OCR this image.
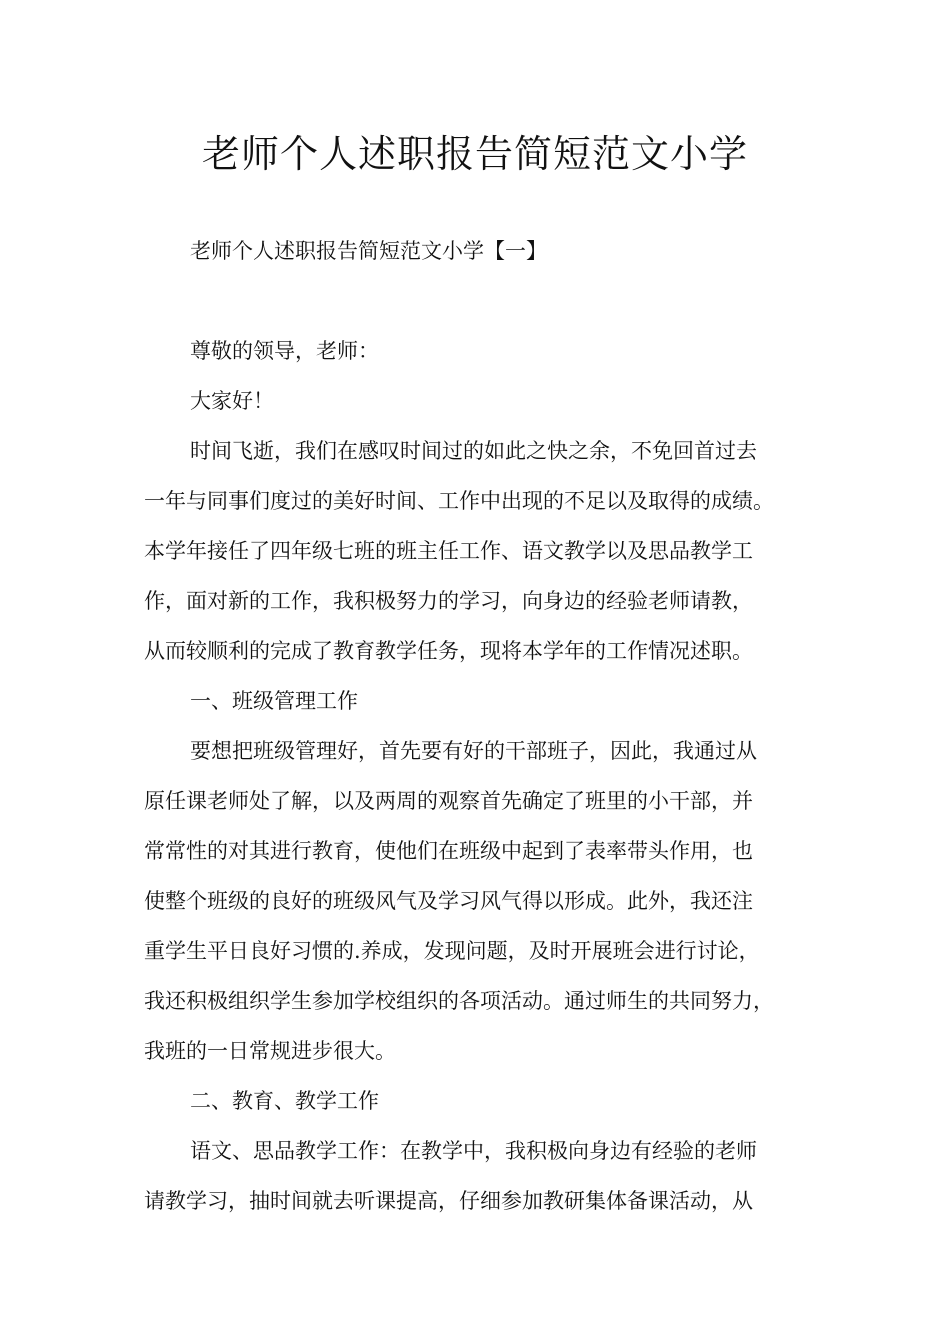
老师个人述职报告简短范文小学
老师个人述职报告简短范文小学【一】
尊敬的领导，老师：
大家好！
时间飞逝，我们在感叹时间过的如此之快之余，不免回首过去
一年与同事们度过的美好时间、工作中出现的不足以及取得的成绩。
本学年接任了四年级七班的班主任工作、语文教学以及思品教学工
作，面对新的工作，我积极努力的学习，向身边的经验老师请教，
从而较顺利的完成了教育教学任务，现将本学年的工作情况述职。
一、班级管理工作
要想把班级管理好，首先要有好的干部班子，因此，我通过从
原任课老师处了解，以及两周的观察首先确定了班里的小干部，并
常常性的对其进行教育，使他们在班级中起到了表率带头作用，也
使整个班级的良好的班级风气及学习风气得以形成。此外，我还注
重学生平日良好习惯的.养成，发现问题，及时开展班会进行讨论，
我还积极组织学生参加学校组织的各项活动。通过师生的共同努力，
我班的一日常规进步很大。
二、教育、教学工作
语文、思品教学工作：在教学中，我积极向身边有经验的老师
请教学习，抽时间就去听课提高，仔细参加教研集体备课活动，从
